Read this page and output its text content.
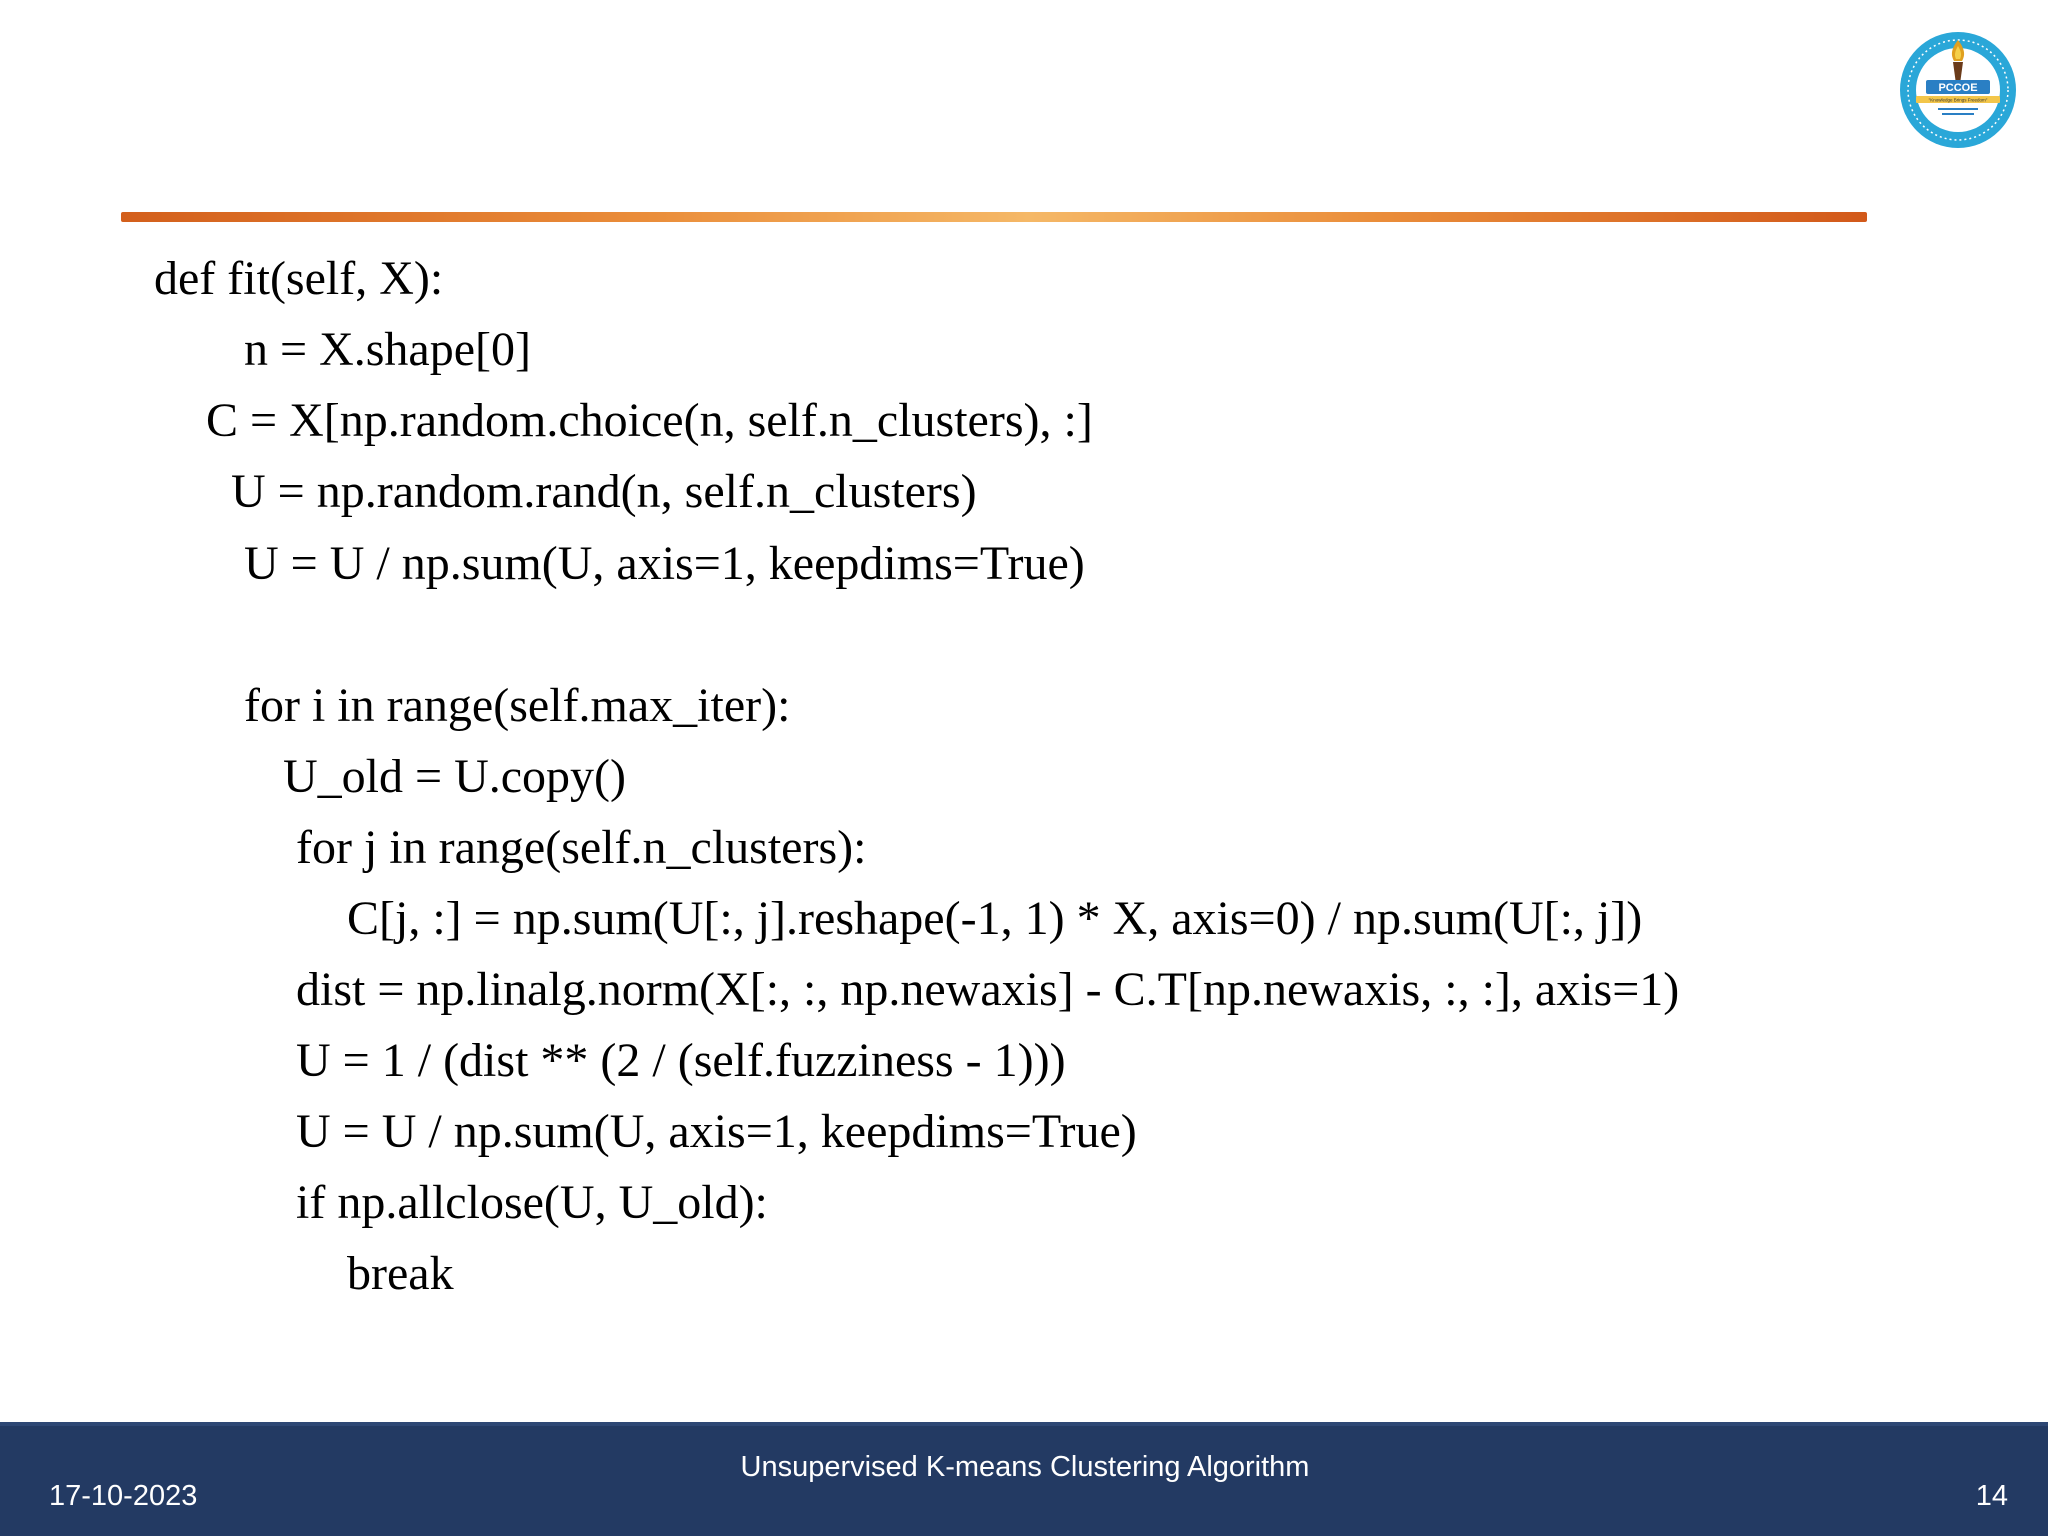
PCCOE
"Knowledge Brings Freedom"
def fit(self, X):
n = X.shape[0]
C = X[np.random.choice(n, self.n_clusters), :]
U = np.random.rand(n, self.n_clusters)
U = U / np.sum(U, axis=1, keepdims=True)
for i in range(self.max_iter):
U_old = U.copy()
for j in range(self.n_clusters):
C[j, :] = np.sum(U[:, j].reshape(-1, 1) * X, axis=0) / np.sum(U[:, j])
dist = np.linalg.norm(X[:, :, np.newaxis] - C.T[np.newaxis, :, :], axis=1)
U = 1 / (dist ** (2 / (self.fuzziness - 1)))
U = U / np.sum(U, axis=1, keepdims=True)
if np.allclose(U, U_old):
break
17-10-2023
Unsupervised K-means Clustering Algorithm
14
